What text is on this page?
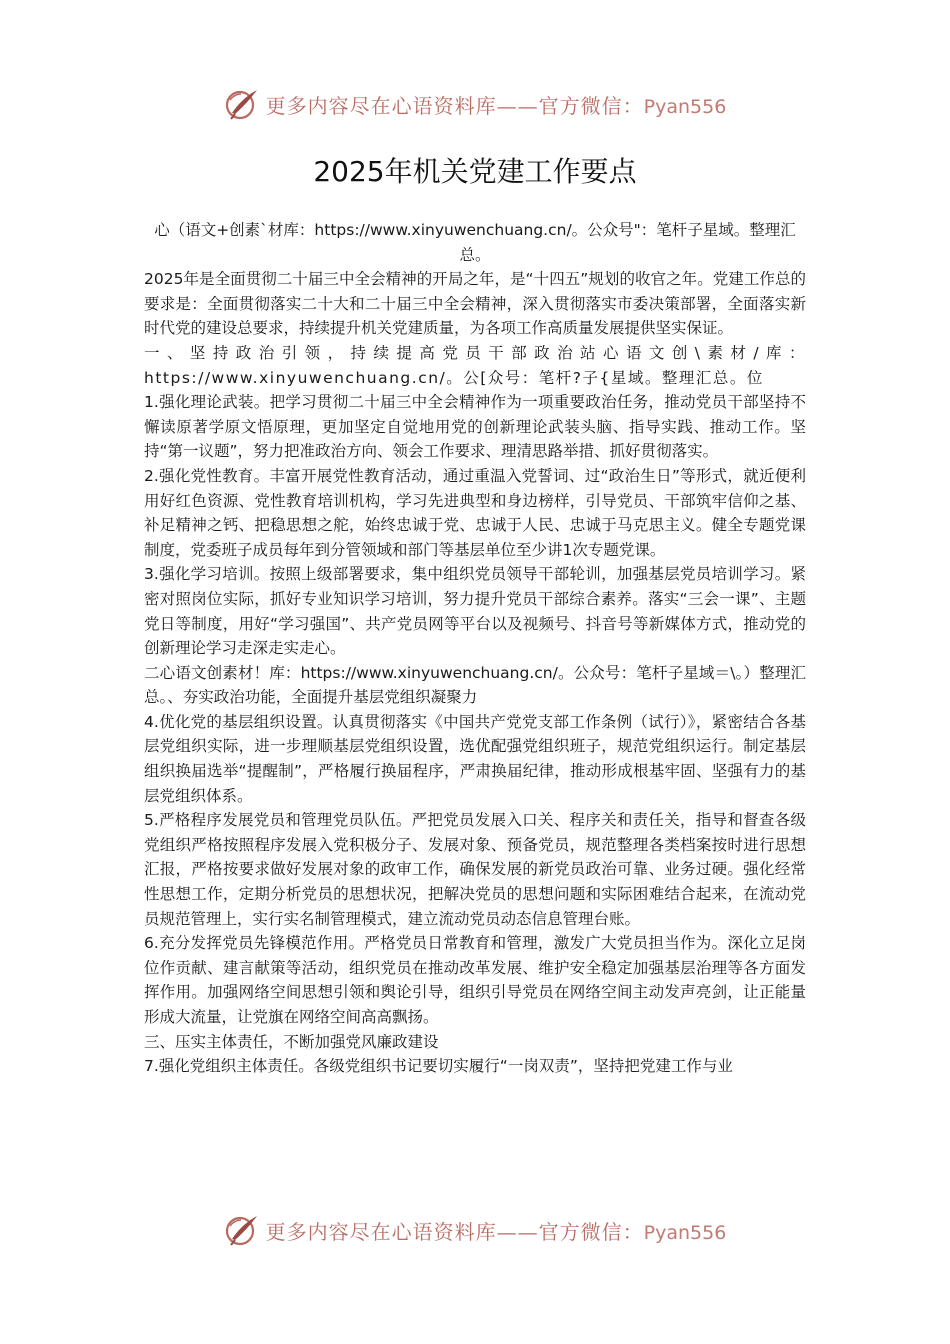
更多内容尽在心语资料库——官方微信：Pyan556
2025年机关党建工作要点

心（语文+创素`材库：https://www.xinyuwenchuang.cn/。公众号"：笔杆子星域。整理汇总。

2025年是全面贯彻二十届三中全会精神的开局之年，是“十四五”规划的收官之年。党建工作总的要求是：全面贯彻落实二十大和二十届三中全会精神，深入贯彻落实市委决策部署，全面落实新时代党的建设总要求，持续提升机关党建质量，为各项工作高质量发展提供坚实保证。

一、坚持政治引领，持续提高党员干部政治站心语文创\素材/库：https://www.xinyuwenchuang.cn/。公[众号：笔杆?子{星域。整理汇总。位

1.强化理论武装。把学习贯彻二十届三中全会精神作为一项重要政治任务，推动党员干部坚持不懈读原著学原文悟原理，更加坚定自觉地用党的创新理论武装头脑、指导实践、推动工作。坚持“第一议题”，努力把准政治方向、领会工作要求、理清思路举措、抓好贯彻落实。

2.强化党性教育。丰富开展党性教育活动，通过重温入党誓词、过“政治生日”等形式，就近便利用好红色资源、党性教育培训机构，学习先进典型和身边榜样，引导党员、干部筑牢信仰之基、补足精神之钙、把稳思想之舵，始终忠诚于党、忠诚于人民、忠诚于马克思主义。健全专题党课制度，党委班子成员每年到分管领域和部门等基层单位至少讲1次专题党课。

3.强化学习培训。按照上级部署要求，集中组织党员领导干部轮训，加强基层党员培训学习。紧密对照岗位实际，抓好专业知识学习培训，努力提升党员干部综合素养。落实“三会一课”、主题党日等制度，用好“学习强国”、共产党员网等平台以及视频号、抖音号等新媒体方式，推动党的创新理论学习走深走实走心。

二心语文创素材！库：https://www.xinyuwenchuang.cn/。公众号：笔杆子星域＝\。）整理汇总。、夯实政治功能，全面提升基层党组织凝聚力

4.优化党的基层组织设置。认真贯彻落实《中国共产党党支部工作条例（试行）》，紧密结合各基层党组织实际，进一步理顺基层党组织设置，选优配强党组织班子，规范党组织运行。制定基层组织换届选举“提醒制”，严格履行换届程序，严肃换届纪律，推动形成根基牢固、坚强有力的基层党组织体系。

5.严格程序发展党员和管理党员队伍。严把党员发展入口关、程序关和责任关，指导和督查各级党组织严格按照程序发展入党积极分子、发展对象、预备党员，规范整理各类档案按时进行思想汇报，严格按要求做好发展对象的政审工作，确保发展的新党员政治可靠、业务过硬。强化经常性思想工作，定期分析党员的思想状况，把解决党员的思想问题和实际困难结合起来，在流动党员规范管理上，实行实名制管理模式，建立流动党员动态信息管理台账。

6.充分发挥党员先锋模范作用。严格党员日常教育和管理，激发广大党员担当作为。深化立足岗位作贡献、建言献策等活动，组织党员在推动改革发展、维护安全稳定加强基层治理等各方面发挥作用。加强网络空间思想引领和舆论引导，组织引导党员在网络空间主动发声亮剑，让正能量形成大流量，让党旗在网络空间高高飘扬。

三、压实主体责任，不断加强党风廉政建设

7.强化党组织主体责任。各级党组织书记要切实履行“一岗双责”，坚持把党建工作与业

更多内容尽在心语资料库——官方微信：Pyan556
